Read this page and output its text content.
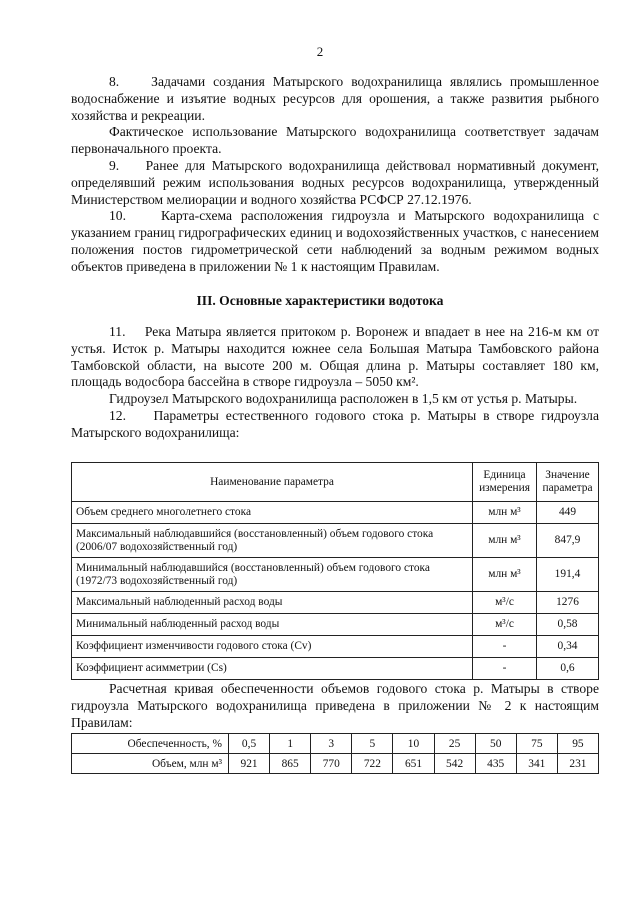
2

8. Задачами создания Матырского водохранилища являлись промышленное водоснабжение и изъятие водных ресурсов для орошения, а также развития рыбного хозяйства и рекреации.

Фактическое использование Матырского водохранилища соответствует задачам первоначального проекта.

9. Ранее для Матырского водохранилища действовал нормативный документ, определявший режим использования водных ресурсов водохранилища, утвержденный Министерством мелиорации и водного хозяйства РСФСР 27.12.1976.

10.	Карта-схема расположения гидроузла и Матырского водохранилища с указанием границ гидрографических единиц и водохозяйственных участков, с нанесением положения постов гидрометрической сети наблюдений за водным режимом водных объектов приведена в приложении № 1 к настоящим Правилам.

III. Основные характеристики водотока

11. Река Матыра является притоком р. Воронеж и впадает в нее на 216-м км от устья. Исток р. Матыры находится южнее села Большая Матыра Тамбовского района Тамбовской области, на высоте 200 м. Общая длина р. Матыры составляет 180 км, площадь водосбора бассейна в створе гидроузла – 5050 км².

Гидроузел Матырского водохранилища расположен в 1,5 км от устья р. Матыры.

12. Параметры естественного годового стока р. Матыры в створе гидроузла Матырского водохранилища:

Наименование параметра	Единица измерения	Значение параметра
Объем среднего многолетнего стока	млн м³	449
Максимальный наблюдавшийся (восстановленный) объем годового стока (2006/07 водохозяйственный год)	млн м³	847,9
Минимальный наблюдавшийся (восстановленный) объем годового стока (1972/73 водохозяйственный год)	млн м³	191,4
Максимальный наблюденный расход воды	м³/с	1276
Минимальный наблюденный расход воды	м³/с	0,58
Коэффициент изменчивости годового стока (Cv)	-	0,34
Коэффициент асимметрии (Cs)	-	0,6

Расчетная кривая обеспеченности объемов годового стока р. Матыры в створе гидроузла Матырского водохранилища приведена в приложении № 2 к настоящим Правилам:

Обеспеченность, %	0,5	1	3	5	10	25	50	75	95
Объем, млн м³	921	865	770	722	651	542	435	341	231
